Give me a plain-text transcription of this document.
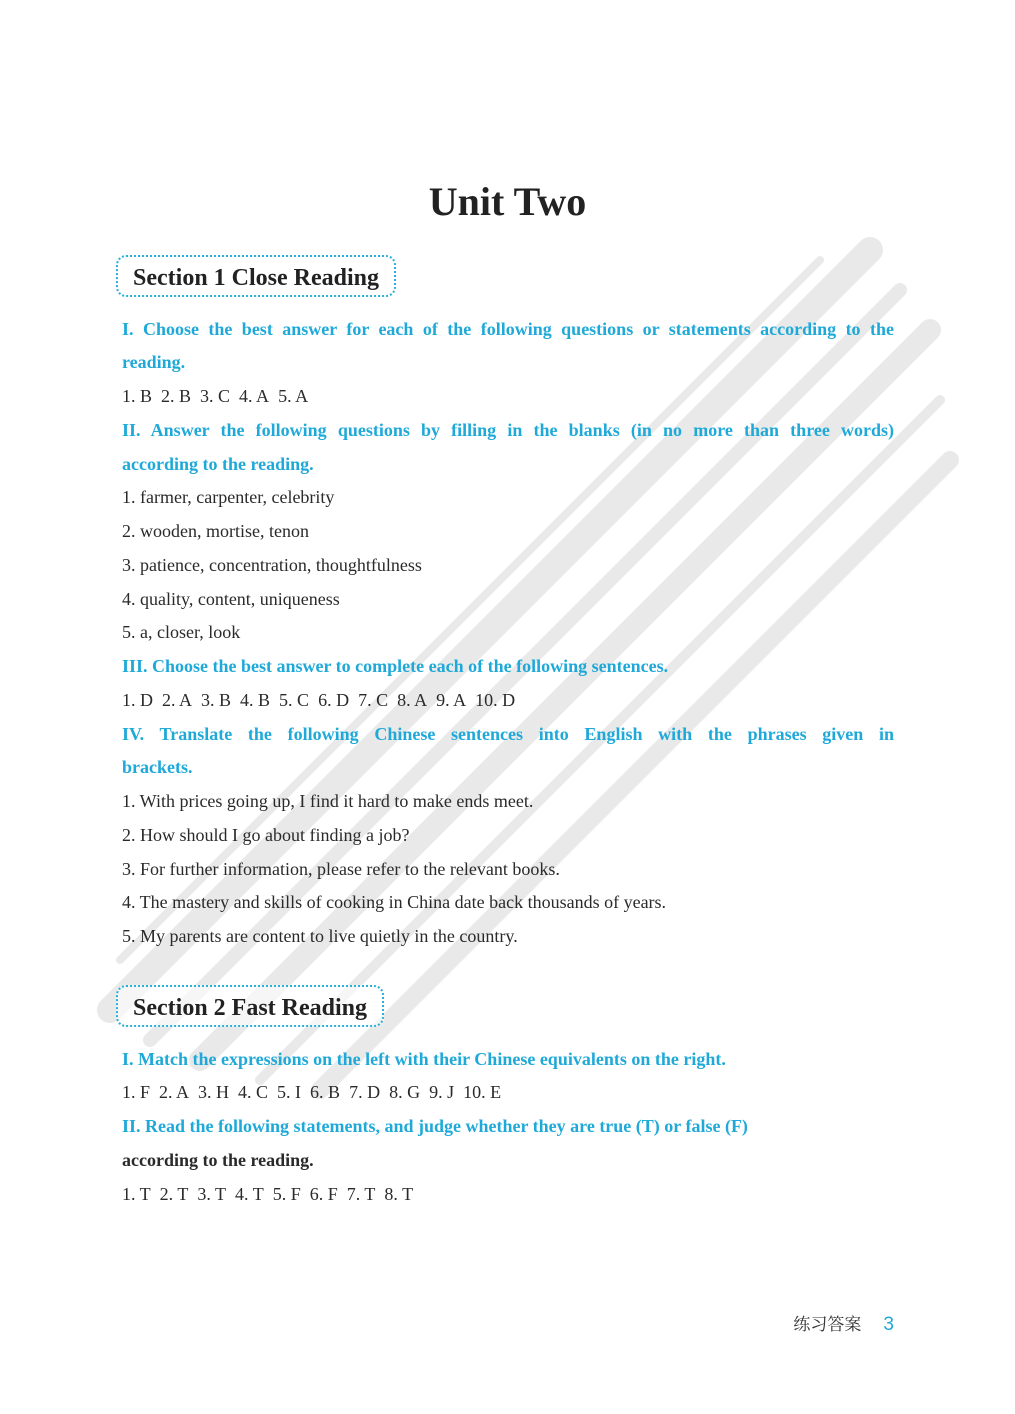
Unit Two
Section 1 Close Reading
I. Choose the best answer for each of the following questions or statements according to the
reading.
1. B 2. B 3. C 4. A 5. A
II. Answer the following questions by filling in the blanks (in no more than three words)
according to the reading.
1. farmer, carpenter, celebrity
2. wooden, mortise, tenon
3. patience, concentration, thoughtfulness
4. quality, content, uniqueness
5. a, closer, look
III. Choose the best answer to complete each of the following sentences.
1. D 2. A 3. B 4. B 5. C 6. D 7. C 8. A 9. A 10. D
IV. Translate the following Chinese sentences into English with the phrases given in
brackets.
1. With prices going up, I find it hard to make ends meet.
2. How should I go about finding a job?
3. For further information, please refer to the relevant books.
4. The mastery and skills of cooking in China date back thousands of years.
5. My parents are content to live quietly in the country.
Section 2 Fast Reading
I. Match the expressions on the left with their Chinese equivalents on the right.
1. F 2. A 3. H 4. C 5. I 6. B 7. D 8. G 9. J 10. E
II. Read the following statements, and judge whether they are true (T) or false (F)
according to the reading.
1. T 2. T 3. T 4. T 5. F 6. F 7. T 8. T
练习答案 3
